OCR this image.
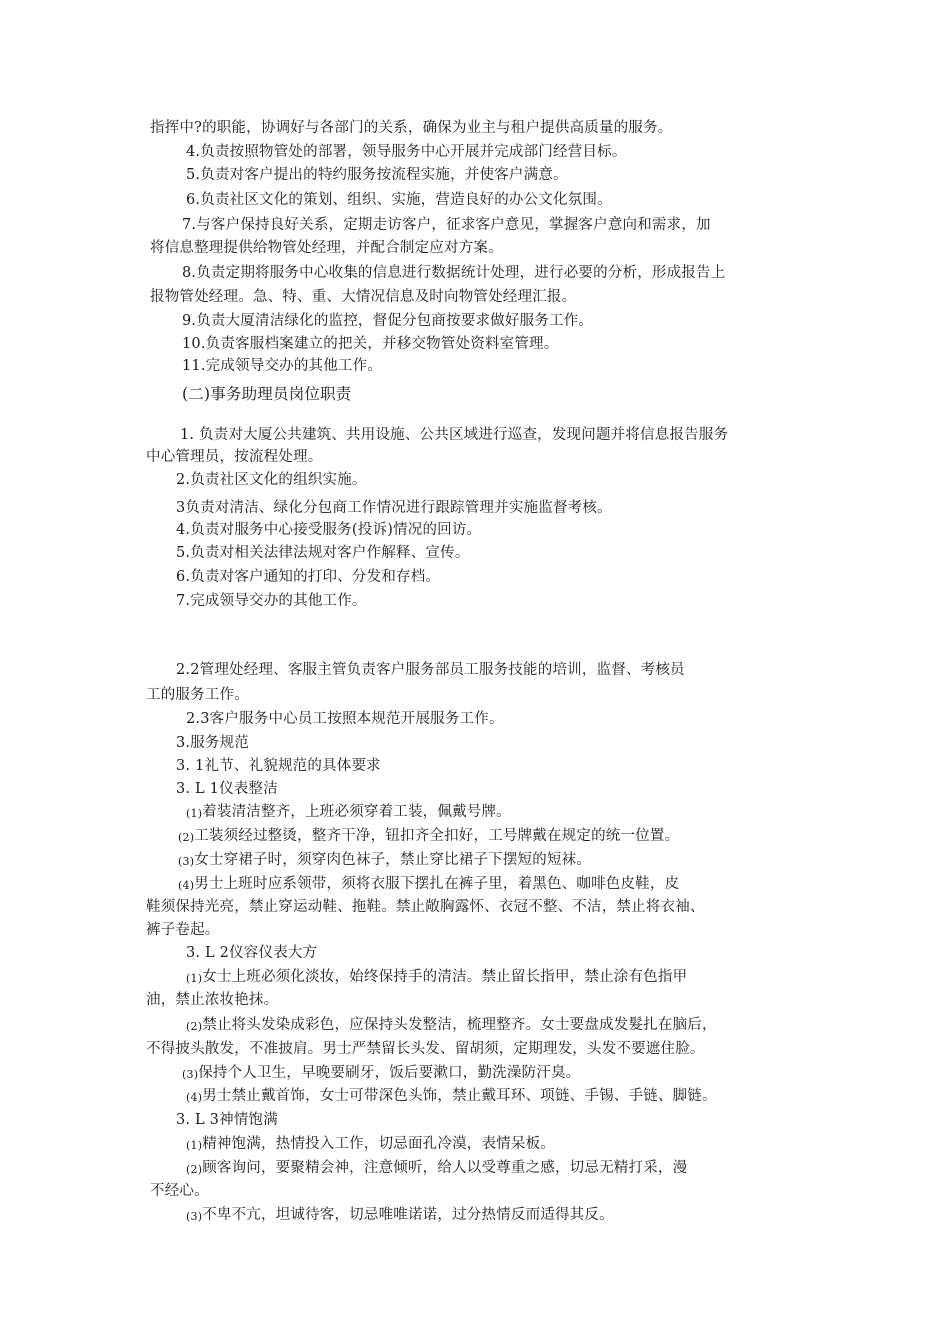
指挥中?的职能，协调好与各部门的关系，确保为业主与租户提供高质量的服务。
4.负责按照物管处的部署，领导服务中心开展并完成部门经营目标。
5.负责对客户提出的特约服务按流程实施，并使客户满意。
6.负责社区文化的策划、组织、实施，营造良好的办公文化氛围。
7.与客户保持良好关系，定期走访客户，征求客户意见，掌握客户意向和需求，加
将信息整理提供给物管处经理，并配合制定应对方案。
8.负责定期将服务中心收集的信息进行数据统计处理，进行必要的分析，形成报告上
报物管处经理。急、特、重、大情况信息及时向物管处经理汇报。
9.负责大厦清洁绿化的监控，督促分包商按要求做好服务工作。
10.负责客服档案建立的把关，并移交物管处资料室管理。
11.完成领导交办的其他工作。
(二)事务助理员岗位职责
1. 负责对大厦公共建筑、共用设施、公共区域进行巡查，发现问题并将信息报告服务
中心管理员，按流程处理。
2.负责社区文化的组织实施。
3负责对清洁、绿化分包商工作情况进行跟踪管理并实施监督考核。
4.负责对服务中心接受服务(投诉)情况的回访。
5.负责对相关法律法规对客户作解释、宣传。
6.负责对客户通知的打印、分发和存档。
7.完成领导交办的其他工作。
2.2管理处经理、客服主管负责客户服务部员工服务技能的培训，监督、考核员
工的服务工作。
2.3客户服务中心员工按照本规范开展服务工作。
3.服务规范
3. 1礼节、礼貌规范的具体要求
3. L 1仪表整洁
(1)着装清洁整齐，上班必须穿着工装，佩戴号牌。
(2)工装须经过整烫，整齐干净，钮扣齐全扣好，工号牌戴在规定的统一位置。
(3)女士穿裙子时，须穿肉色袜子，禁止穿比裙子下摆短的短袜。
(4)男士上班时应系领带，须将衣服下摆扎在裤子里，着黑色、咖啡色皮鞋，皮
鞋须保持光亮，禁止穿运动鞋、拖鞋。禁止敞胸露怀、衣冠不整、不洁，禁止将衣袖、
裤子卷起。
3. L 2仪容仪表大方
(1)女士上班必须化淡妆，始终保持手的清洁。禁止留长指甲，禁止涂有色指甲
油，禁止浓妆艳抹。
(2)禁止将头发染成彩色，应保持头发整洁，梳理整齐。女士要盘成发髮扎在脑后，
不得披头散发，不准披肩。男士严禁留长头发、留胡须，定期理发，头发不要遮住脸。
(3)保持个人卫生，早晚要刷牙，饭后要漱口，勤洗澡防汗臭。
(4)男士禁止戴首饰，女士可带深色头饰，禁止戴耳环、项链、手锡、手链、脚链。
3. L 3神情饱满
(1)精神饱满，热情投入工作，切忌面孔冷漠，表情呆板。
(2)顾客询问，要聚精会神，注意倾听，给人以受尊重之感，切忌无精打采，漫
不经心。
(3)不卑不亢，坦诚待客，切忌唯唯诺诺，过分热情反而适得其反。
